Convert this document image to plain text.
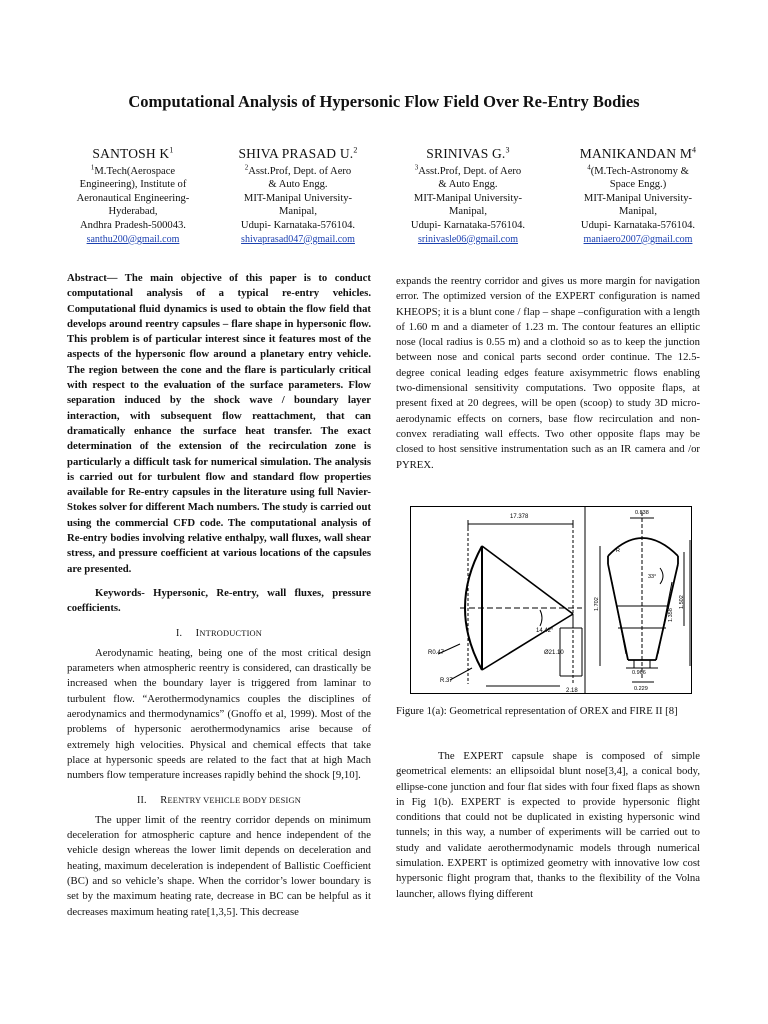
Computational Analysis of Hypersonic Flow Field Over Re-Entry Bodies
SANTOSH $K^1$
$^1$M.Tech(Aerospace
Engineering), Institute of
Aeronautical Engineering-
Hyderabad,
Andhra Pradesh-500043.
santhu200@gmail.com
SHIVA PRASAD U.$^2$
$^2$Asst.Prof, Dept. of Aero
& Auto Engg.
MIT-Manipal University-
Manipal,
Udupi- Karnataka-576104.
shivaprasad047@gmail.com
SRINIVAS G.$^3$
$^3$Asst.Prof, Dept. of Aero
& Auto Engg.
MIT-Manipal University-
Manipal,
Udupi- Karnataka-576104.
srinivasle06@gmail.com
MANIKANDAN $M^4$
$^4$(M.Tech-Astronomy &
Space Engg.)
MIT-Manipal University-
Manipal,
Udupi- Karnataka-576104.
maniaero2007@gmail.com

Abstract— The main objective of this paper is to conduct computational analysis of a typical re-entry vehicles. Computational fluid dynamics is used to obtain the flow field that develops around reentry capsules – flare shape in hypersonic flow. This problem is of particular interest since it features most of the aspects of the hypersonic flow around a planetary entry vehicle. The region between the cone and the flare is particularly critical with respect to the evaluation of the surface parameters. Flow separation induced by the shock wave / boundary layer interaction, with subsequent flow reattachment, that can dramatically enhance the surface heat transfer. The exact determination of the extension of the recirculation zone is particularly a difficult task for numerical simulation. The analysis is carried out for turbulent flow and standard flow properties available for Re-entry capsules in the literature using full Navier-Stokes solver for different Mach numbers. The study is carried out using the commercial CFD code. The computational analysis of Re-entry bodies involving relative enthalpy, wall fluxes, wall shear stress, and pressure coefficient at various locations of the capsules are presented.

Keywords- Hypersonic, Re-entry, wall fluxes, pressure coefficients.

I. INTRODUCTION

Aerodynamic heating, being one of the most critical design parameters when atmospheric reentry is considered, can drastically be increased when the boundary layer is triggered from laminar to turbulent flow. “Aerothermodynamics couples the disciplines of aerodynamics and thermodynamics” (Gnoffo et al, 1999). Most of the problems of hypersonic aerothermodynamics arise because of extremely high velocities. Physical and chemical effects that take place at hypersonic speeds are related to the fact that at high Mach numbers flow temperature increases rapidly behind the shock [9,10].

II. REENTRY VEHICLE BODY DESIGN

The upper limit of the reentry corridor depends on minimum deceleration for atmospheric capture and hence independent of the vehicle design whereas the lower limit depends on deceleration and heating, maximum deceleration is independent of Ballistic Coefficient (BC) and so vehicle’s shape. When the corridor’s lower boundary is set by the maximum heating rate, decrease in BC can be helpful as it decreases maximum heating rate[1,3,5]. This decrease

expands the reentry corridor and gives us more margin for navigation error. The optimized version of the EXPERT configuration is named KHEOPS; it is a blunt cone / flap – shape –configuration with a length of 1.60 m and a diameter of 1.23 m. The contour features an elliptic nose (local radius is 0.55 m) and a clothoid so as to keep the junction between nose and conical parts second order continue. The 12.5-degree conical leading edges feature axisymmetric flows enabling two-dimensional sensitivity computations. Two opposite flaps, at present fixed at 20 degrees, will be open (scoop) to study 3D micro-aerodynamic effects on corners, base flow recirculation and non-convex reradiating wall effects. Two other opposite flaps may be closed to host sensitive instrumentation such as an IR camera and /or PYREX.

17.378
14.42°
R0.47
R.37
Ø21.10
2.18
0.838
1.702	1.502
1.358
0.966
0.229
33°
R
Figure 1(a): Geometrical representation of OREX and FIRE II [8]

The EXPERT capsule shape is composed of simple geometrical elements: an ellipsoidal blunt nose[3,4], a conical body, ellipse-cone junction and four flat sides with four fixed flaps as shown in Fig 1(b). EXPERT is expected to provide hypersonic flight conditions that could not be duplicated in existing hypersonic wind tunnels; in this way, a number of experiments will be carried out to study and validate aerothermodynamic models through numerical simulation. EXPERT is optimized geometry with innovative low cost hypersonic flight program that, thanks to the flexibility of the Volna launcher, allows flying different
